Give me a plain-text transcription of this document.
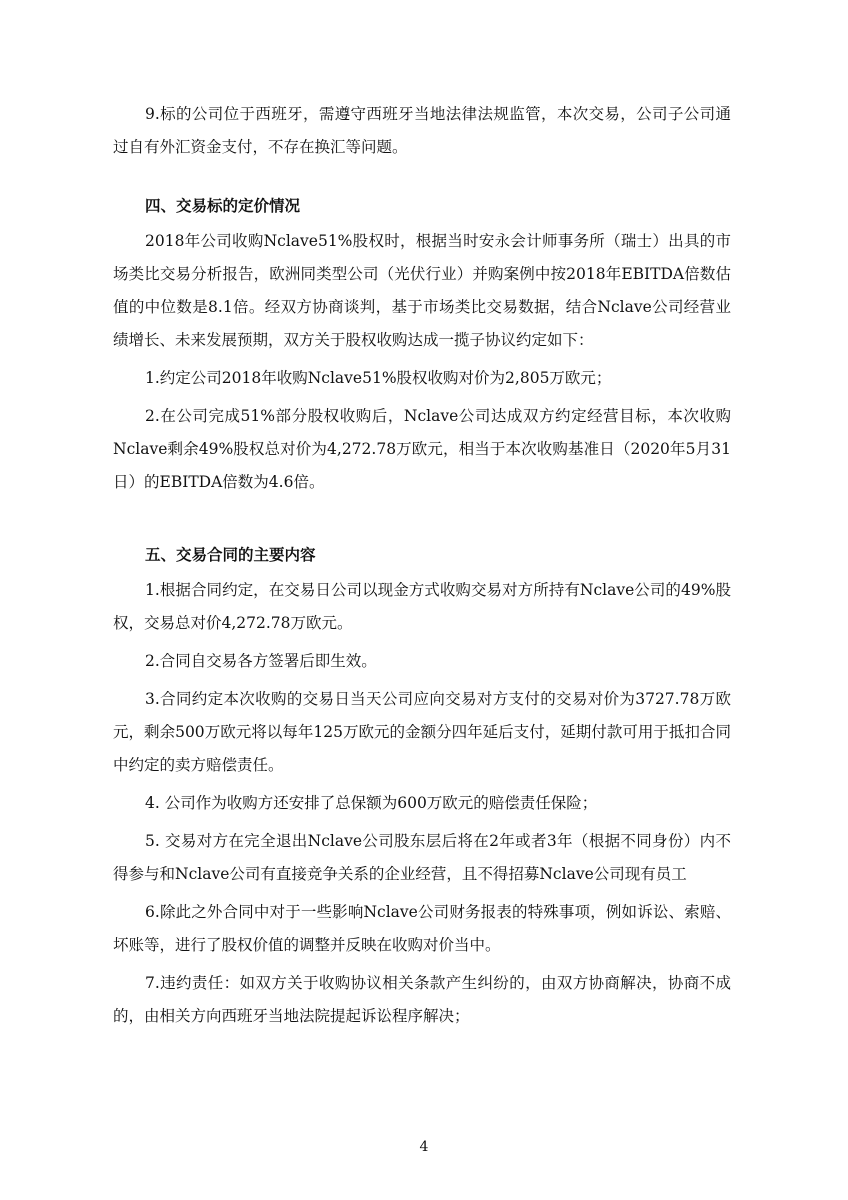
9.标的公司位于西班牙，需遵守西班牙当地法律法规监管，本次交易，公司子公司通过自有外汇资金支付，不存在换汇等问题。

四、交易标的定价情况

2018年公司收购Nclave51%股权时，根据当时安永会计师事务所（瑞士）出具的市场类比交易分析报告，欧洲同类型公司（光伏行业）并购案例中按2018年EBITDA倍数估值的中位数是8.1倍。经双方协商谈判，基于市场类比交易数据，结合Nclave公司经营业绩增长、未来发展预期，双方关于股权收购达成一揽子协议约定如下：

1.约定公司2018年收购Nclave51%股权收购对价为2,805万欧元；

2.在公司完成51%部分股权收购后，Nclave公司达成双方约定经营目标，本次收购Nclave剩余49%股权总对价为4,272.78万欧元，相当于本次收购基准日（2020年5月31日）的EBITDA倍数为4.6倍。

五、交易合同的主要内容

1.根据合同约定，在交易日公司以现金方式收购交易对方所持有Nclave公司的49%股权，交易总对价4,272.78万欧元。

2.合同自交易各方签署后即生效。

3.合同约定本次收购的交易日当天公司应向交易对方支付的交易对价为3727.78万欧元，剩余500万欧元将以每年125万欧元的金额分四年延后支付，延期付款可用于抵扣合同中约定的卖方赔偿责任。

4. 公司作为收购方还安排了总保额为600万欧元的赔偿责任保险；

5. 交易对方在完全退出Nclave公司股东层后将在2年或者3年（根据不同身份）内不得参与和Nclave公司有直接竞争关系的企业经营，且不得招募Nclave公司现有员工

6.除此之外合同中对于一些影响Nclave公司财务报表的特殊事项，例如诉讼、索赔、坏账等，进行了股权价值的调整并反映在收购对价当中。

7.违约责任：如双方关于收购协议相关条款产生纠纷的，由双方协商解决，协商不成的，由相关方向西班牙当地法院提起诉讼程序解决；

4
